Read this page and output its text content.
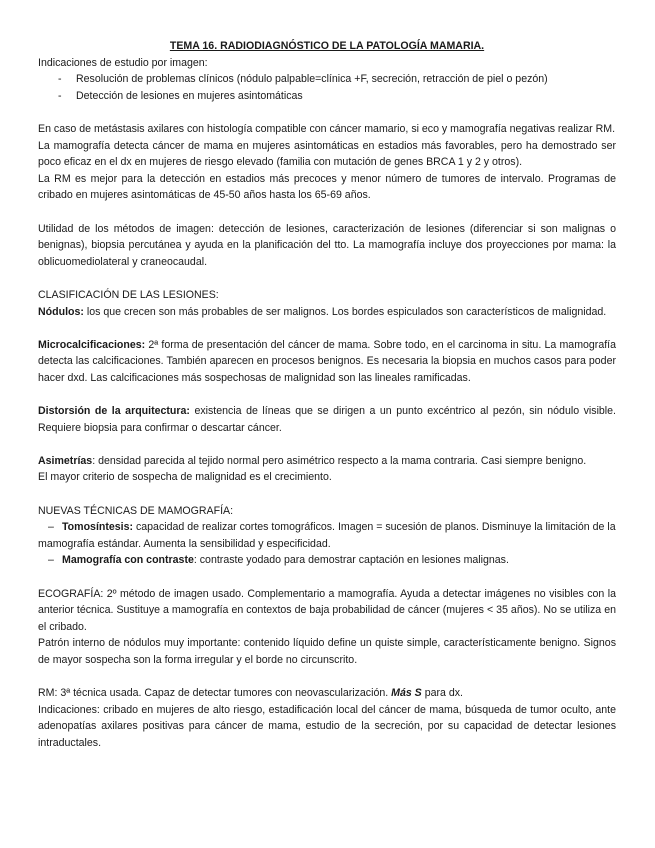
TEMA 16. RADIODIAGNÓSTICO DE LA PATOLOGÍA MAMARIA.

Indicaciones de estudio por imagen:

- Resolución de problemas clínicos (nódulo palpable=clínica +F, secreción, retracción de piel o pezón)
- Detección de lesiones en mujeres asintomáticas

En caso de metástasis axilares con histología compatible con cáncer mamario, si eco y mamografía negativas realizar RM.

La mamografía detecta cáncer de mama en mujeres asintomáticas en estadios más favorables, pero ha demostrado ser poco eficaz en el dx en mujeres de riesgo elevado (familia con mutación de genes BRCA 1 y 2 y otros).

La RM es mejor para la detección en estadios más precoces y menor número de tumores de intervalo. Programas de cribado en mujeres asintomáticas de 45-50 años hasta los 65-69 años.

Utilidad de los métodos de imagen: detección de lesiones, caracterización de lesiones (diferenciar si son malignas o benignas), biopsia percutánea y ayuda en la planificación del tto. La mamografía incluye dos proyecciones por mama: la oblicuomediolateral y craneocaudal.

CLASIFICACIÓN DE LAS LESIONES:

Nódulos: los que crecen son más probables de ser malignos. Los bordes espiculados son característicos de malignidad.

Microcalcificaciones: 2ª forma de presentación del cáncer de mama. Sobre todo, en el carcinoma in situ. La mamografía detecta las calcificaciones. También aparecen en procesos benignos. Es necesaria la biopsia en muchos casos para poder hacer dxd. Las calcificaciones más sospechosas de malignidad son las lineales ramificadas.

Distorsión de la arquitectura: existencia de líneas que se dirigen a un punto excéntrico al pezón, sin nódulo visible. Requiere biopsia para confirmar o descartar cáncer.

Asimetrías: densidad parecida al tejido normal pero asimétrico respecto a la mama contraria. Casi siempre benigno.

El mayor criterio de sospecha de malignidad es el crecimiento.

NUEVAS TÉCNICAS DE MAMOGRAFÍA:

– Tomosíntesis: capacidad de realizar cortes tomográficos. Imagen = sucesión de planos. Disminuye la limitación de la mamografía estándar. Aumenta la sensibilidad y especificidad.
– Mamografía con contraste: contraste yodado para demostrar captación en lesiones malignas.

ECOGRAFÍA: 2º método de imagen usado. Complementario a mamografía. Ayuda a detectar imágenes no visibles con la anterior técnica. Sustituye a mamografía en contextos de baja probabilidad de cáncer (mujeres < 35 años). No se utiliza en el cribado.

Patrón interno de nódulos muy importante: contenido líquido define un quiste simple, característicamente benigno. Signos de mayor sospecha son la forma irregular y el borde no circunscrito.

RM: 3ª técnica usada. Capaz de detectar tumores con neovascularización. Más S para dx.

Indicaciones: cribado en mujeres de alto riesgo, estadificación local del cáncer de mama, búsqueda de tumor oculto, ante adenopatías axilares positivas para cáncer de mama, estudio de la secreción, por su capacidad de detectar lesiones intraductales.
